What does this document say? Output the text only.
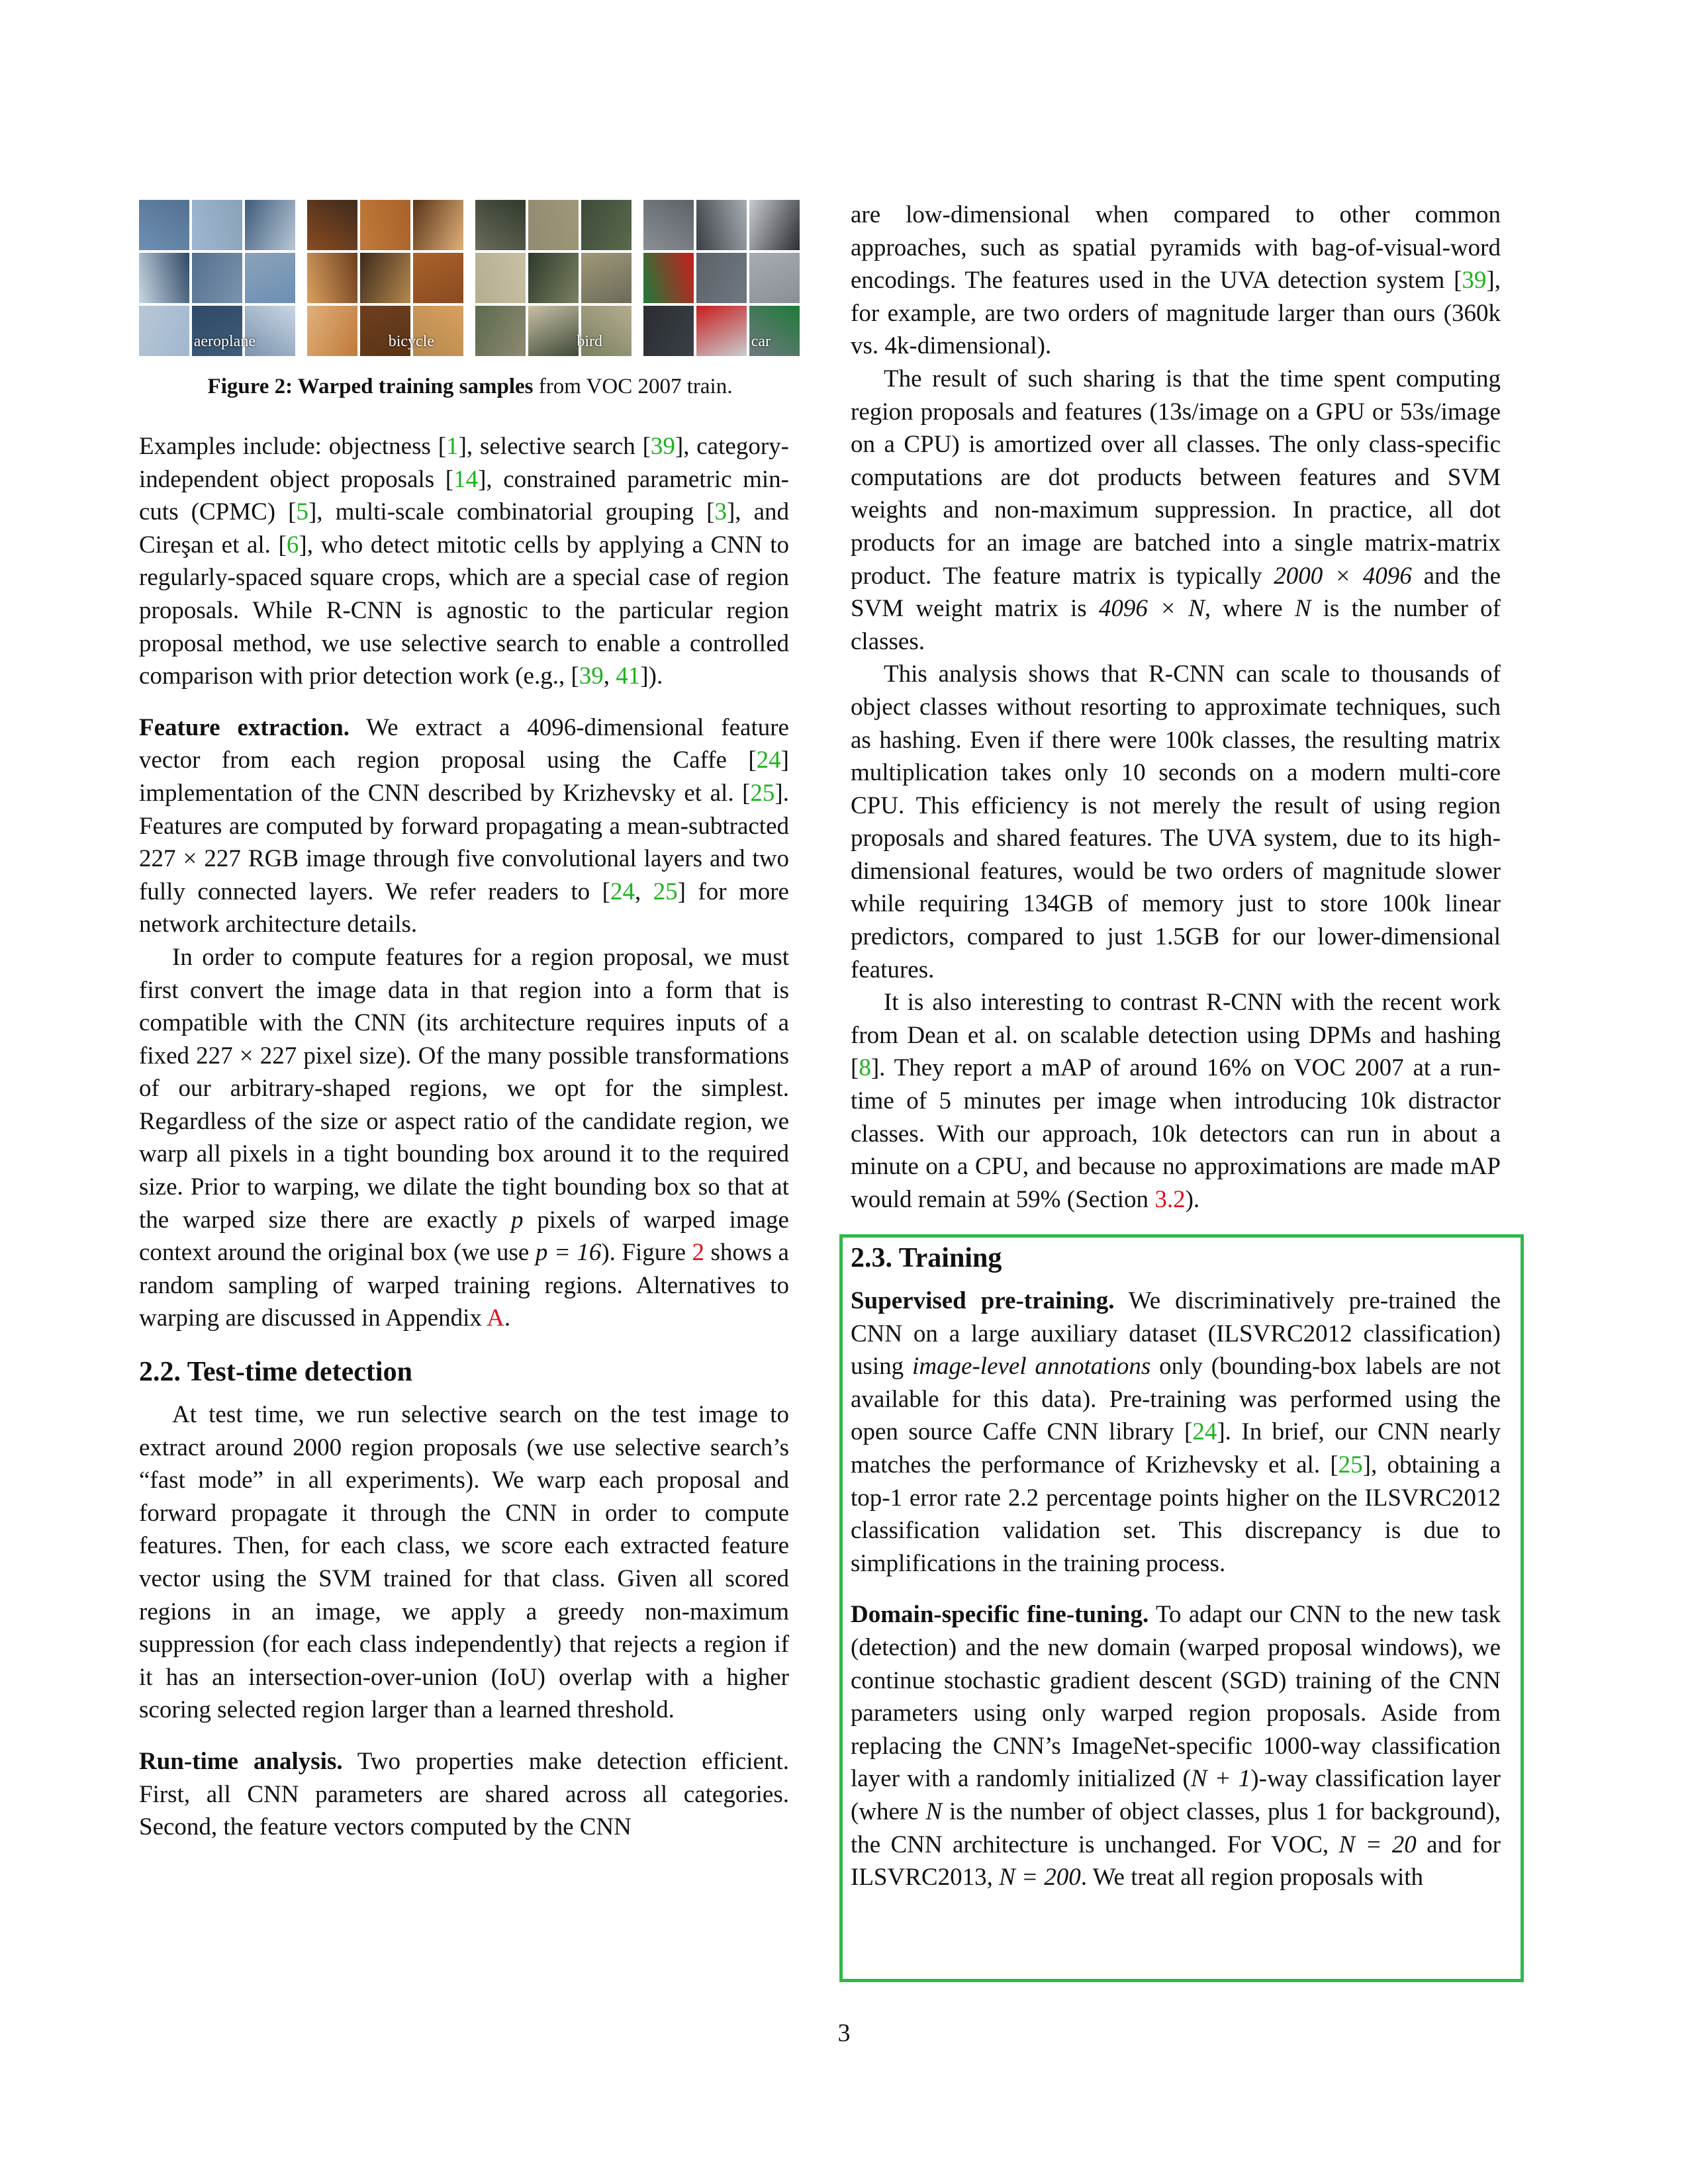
aeroplane	bicycle	bird	car
Figure 2: Warped training samples from VOC 2007 train.

Examples include: objectness [1], selective search [39], category-independent object proposals [14], constrained parametric min-cuts (CPMC) [5], multi-scale combinatorial grouping [3], and Cireşan et al. [6], who detect mitotic cells by applying a CNN to regularly-spaced square crops, which are a special case of region proposals. While R-CNN is agnostic to the particular region proposal method, we use selective search to enable a controlled comparison with prior detection work (e.g., [39, 41]).

Feature extraction. We extract a 4096-dimensional feature vector from each region proposal using the Caffe [24] implementation of the CNN described by Krizhevsky et al. [25]. Features are computed by forward propagating a mean-subtracted 227 × 227 RGB image through five convolutional layers and two fully connected layers. We refer readers to [24, 25] for more network architecture details.

In order to compute features for a region proposal, we must first convert the image data in that region into a form that is compatible with the CNN (its architecture requires inputs of a fixed 227 × 227 pixel size). Of the many possible transformations of our arbitrary-shaped regions, we opt for the simplest. Regardless of the size or aspect ratio of the candidate region, we warp all pixels in a tight bounding box around it to the required size. Prior to warping, we dilate the tight bounding box so that at the warped size there are exactly p pixels of warped image context around the original box (we use p = 16). Figure 2 shows a random sampling of warped training regions. Alternatives to warping are discussed in Appendix A.

2.2. Test-time detection

At test time, we run selective search on the test image to extract around 2000 region proposals (we use selective search’s “fast mode” in all experiments). We warp each proposal and forward propagate it through the CNN in order to compute features. Then, for each class, we score each extracted feature vector using the SVM trained for that class. Given all scored regions in an image, we apply a greedy non-maximum suppression (for each class independently) that rejects a region if it has an intersection-over-union (IoU) overlap with a higher scoring selected region larger than a learned threshold.

Run-time analysis. Two properties make detection efficient. First, all CNN parameters are shared across all categories. Second, the feature vectors computed by the CNN

are low-dimensional when compared to other common approaches, such as spatial pyramids with bag-of-visual-word encodings. The features used in the UVA detection system [39], for example, are two orders of magnitude larger than ours (360k vs. 4k-dimensional).

The result of such sharing is that the time spent computing region proposals and features (13s/image on a GPU or 53s/image on a CPU) is amortized over all classes. The only class-specific computations are dot products between features and SVM weights and non-maximum suppression. In practice, all dot products for an image are batched into a single matrix-matrix product. The feature matrix is typically 2000 × 4096 and the SVM weight matrix is 4096 × N, where N is the number of classes.

This analysis shows that R-CNN can scale to thousands of object classes without resorting to approximate techniques, such as hashing. Even if there were 100k classes, the resulting matrix multiplication takes only 10 seconds on a modern multi-core CPU. This efficiency is not merely the result of using region proposals and shared features. The UVA system, due to its high-dimensional features, would be two orders of magnitude slower while requiring 134GB of memory just to store 100k linear predictors, compared to just 1.5GB for our lower-dimensional features.

It is also interesting to contrast R-CNN with the recent work from Dean et al. on scalable detection using DPMs and hashing [8]. They report a mAP of around 16% on VOC 2007 at a run-time of 5 minutes per image when introducing 10k distractor classes. With our approach, 10k detectors can run in about a minute on a CPU, and because no approximations are made mAP would remain at 59% (Section 3.2).

2.3. Training

Supervised pre-training. We discriminatively pre-trained the CNN on a large auxiliary dataset (ILSVRC2012 classification) using image-level annotations only (bounding-box labels are not available for this data). Pre-training was performed using the open source Caffe CNN library [24]. In brief, our CNN nearly matches the performance of Krizhevsky et al. [25], obtaining a top-1 error rate 2.2 percentage points higher on the ILSVRC2012 classification validation set. This discrepancy is due to simplifications in the training process.

Domain-specific fine-tuning. To adapt our CNN to the new task (detection) and the new domain (warped proposal windows), we continue stochastic gradient descent (SGD) training of the CNN parameters using only warped region proposals. Aside from replacing the CNN’s ImageNet-specific 1000-way classification layer with a randomly initialized (N + 1)-way classification layer (where N is the number of object classes, plus 1 for background), the CNN architecture is unchanged. For VOC, N = 20 and for ILSVRC2013, N = 200. We treat all region proposals with

3
